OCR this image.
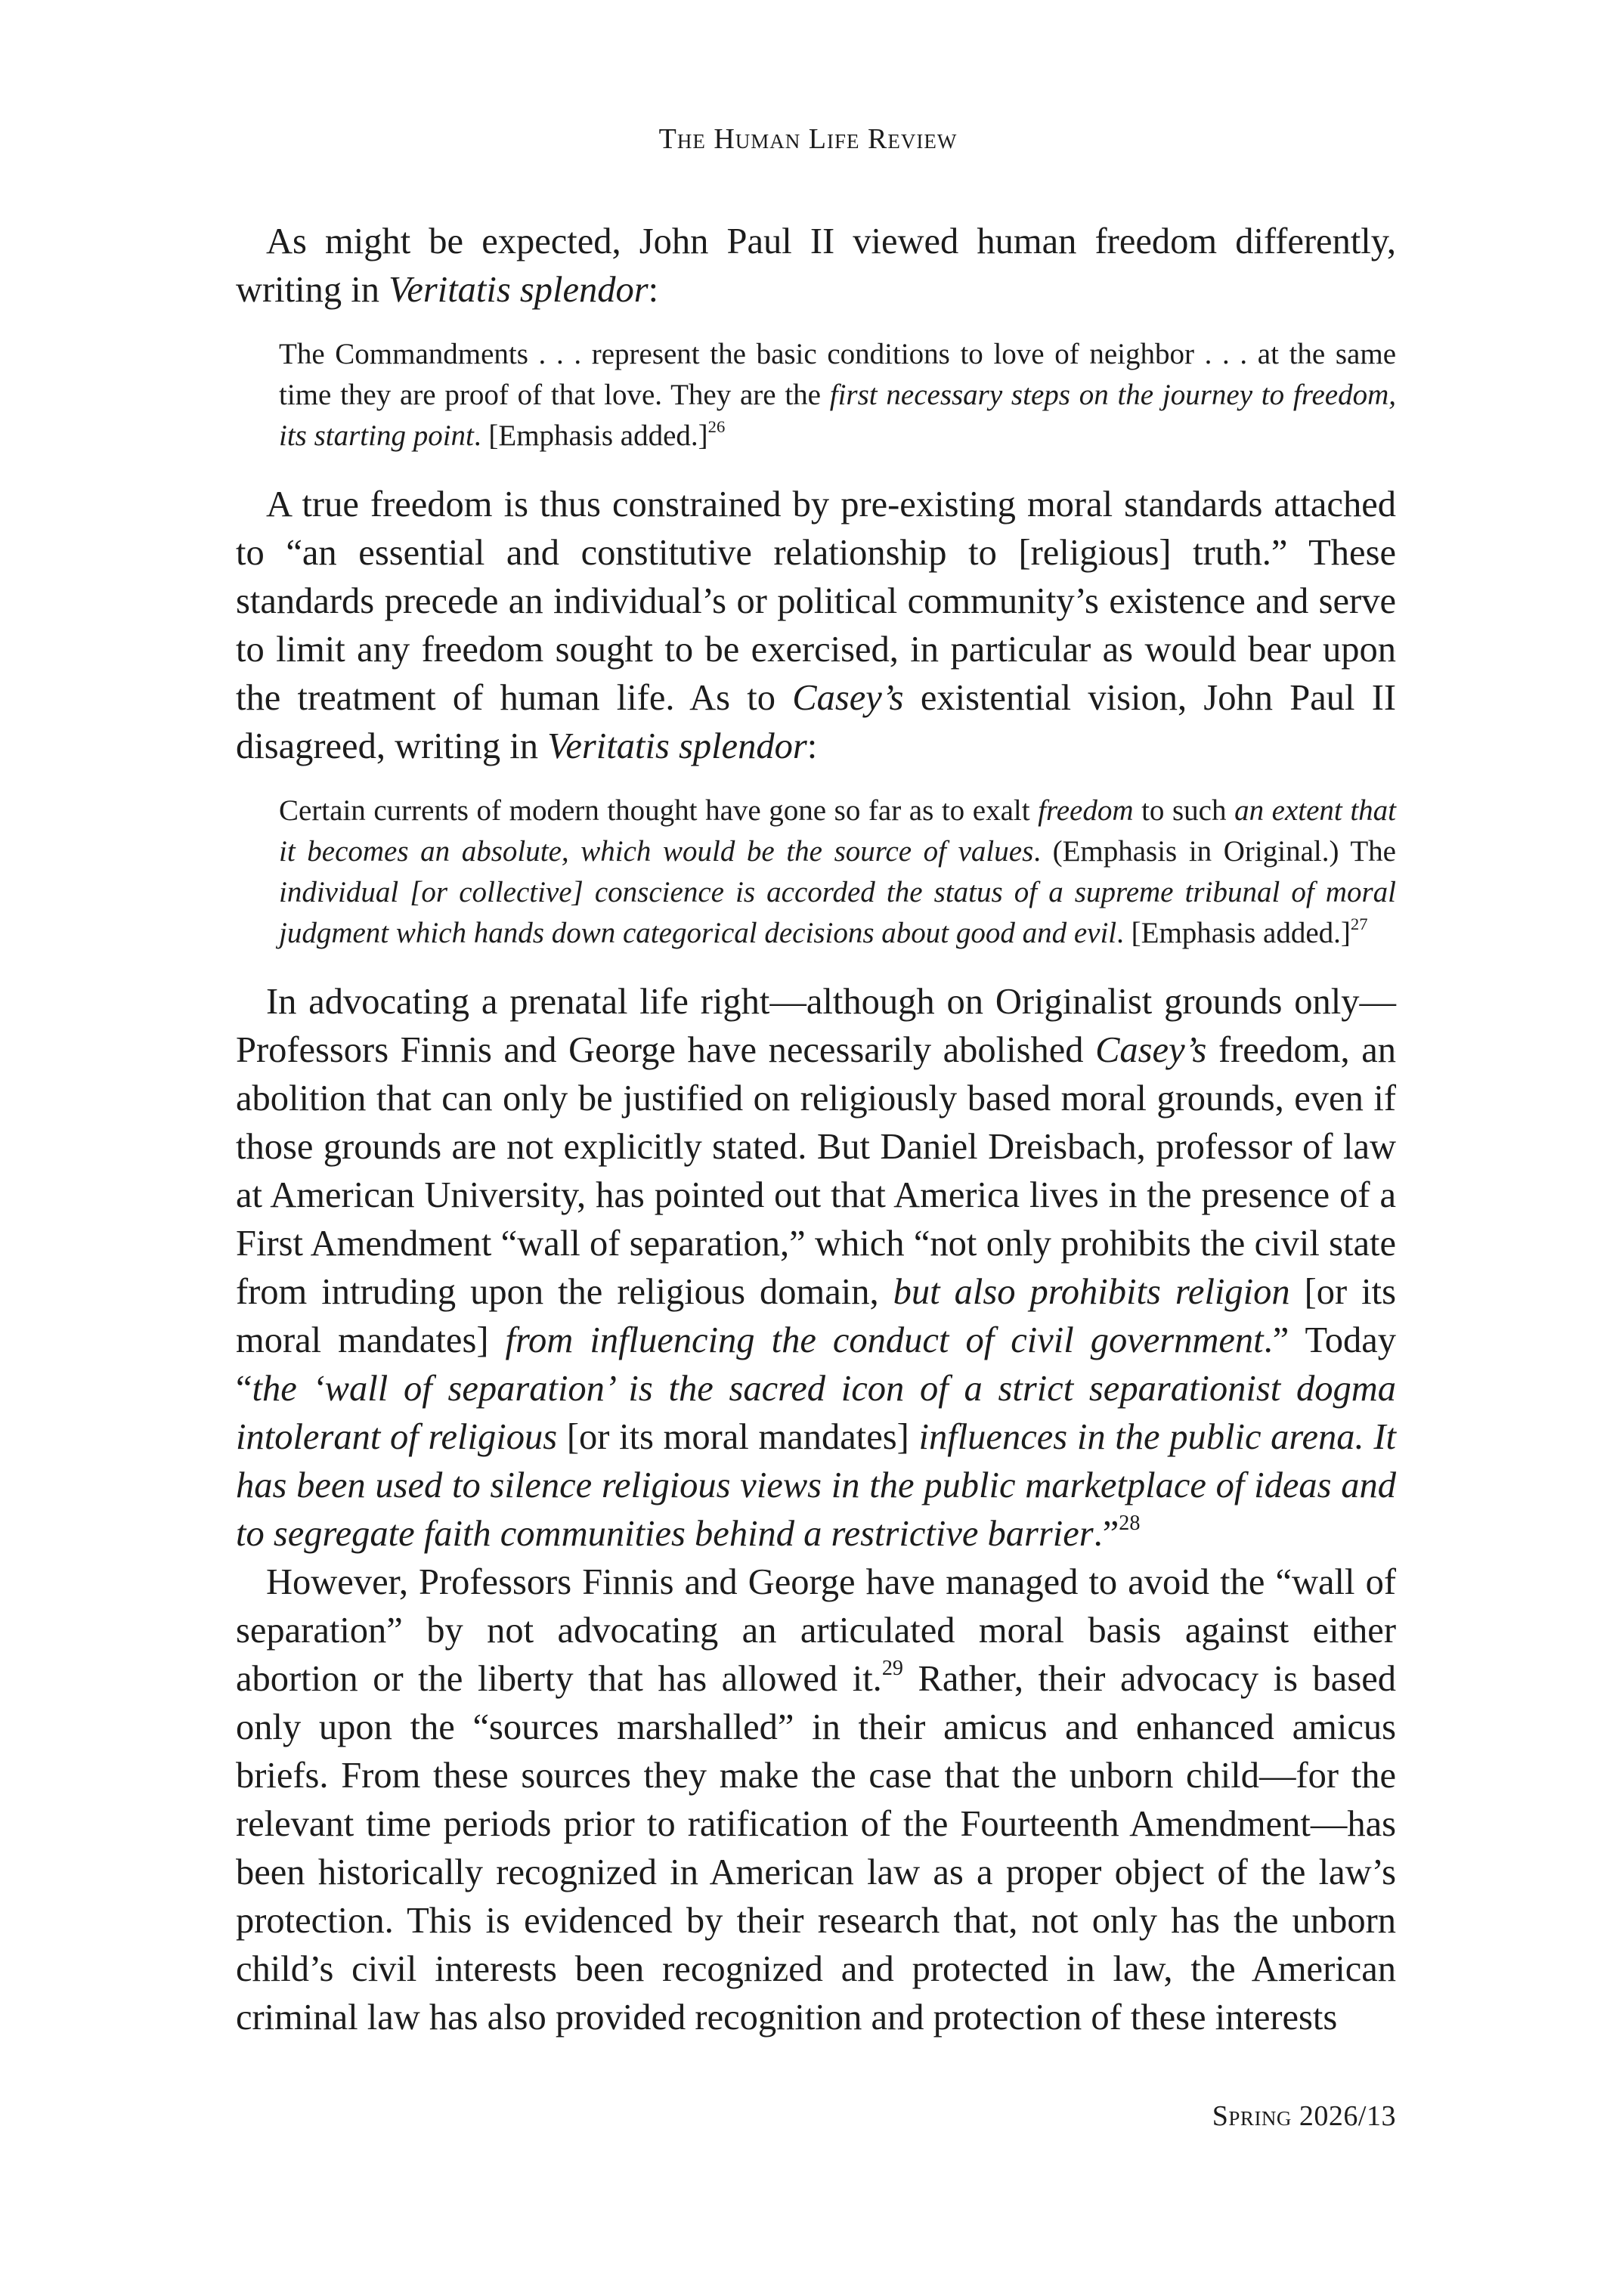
The Human Life Review

As might be expected, John Paul II viewed human freedom differently, writing in Veritatis splendor:

The Commandments . . . represent the basic conditions to love of neighbor . . . at the same time they are proof of that love. They are the first necessary steps on the journey to freedom, its starting point. [Emphasis added.]$^{26}$

A true freedom is thus constrained by pre-existing moral standards attached to “an essential and constitutive relationship to [religious] truth.” These standards precede an individual’s or political community’s existence and serve to limit any freedom sought to be exercised, in particular as would bear upon the treatment of human life. As to Casey’s existential vision, John Paul II disagreed, writing in Veritatis splendor:

Certain currents of modern thought have gone so far as to exalt freedom to such an extent that it becomes an absolute, which would be the source of values. (Emphasis in Original.) The individual [or collective] conscience is accorded the status of a supreme tribunal of moral judgment which hands down categorical decisions about good and evil. [Emphasis added.]$^{27}$

In advocating a prenatal life right—although on Originalist grounds only—Professors Finnis and George have necessarily abolished Casey’s freedom, an abolition that can only be justified on religiously based moral grounds, even if those grounds are not explicitly stated. But Daniel Dreisbach, professor of law at American University, has pointed out that America lives in the presence of a First Amendment “wall of separation,” which “not only prohibits the civil state from intruding upon the religious domain, but also prohibits religion [or its moral mandates] from influencing the conduct of civil government.” Today “the ‘wall of separation’ is the sacred icon of a strict separationist dogma intolerant of religious [or its moral mandates] influences in the public arena. It has been used to silence religious views in the public marketplace of ideas and to segregate faith communities behind a restrictive barrier.”$^{28}$

However, Professors Finnis and George have managed to avoid the “wall of separation” by not advocating an articulated moral basis against either abortion or the liberty that has allowed it.$^{29}$ Rather, their advocacy is based only upon the “sources marshalled” in their amicus and enhanced amicus briefs. From these sources they make the case that the unborn child—for the relevant time periods prior to ratification of the Fourteenth Amendment—has been historically recognized in American law as a proper object of the law’s protection. This is evidenced by their research that, not only has the unborn child’s civil interests been recognized and protected in law, the American criminal law has also provided recognition and protection of these interests

Spring 2026/13
